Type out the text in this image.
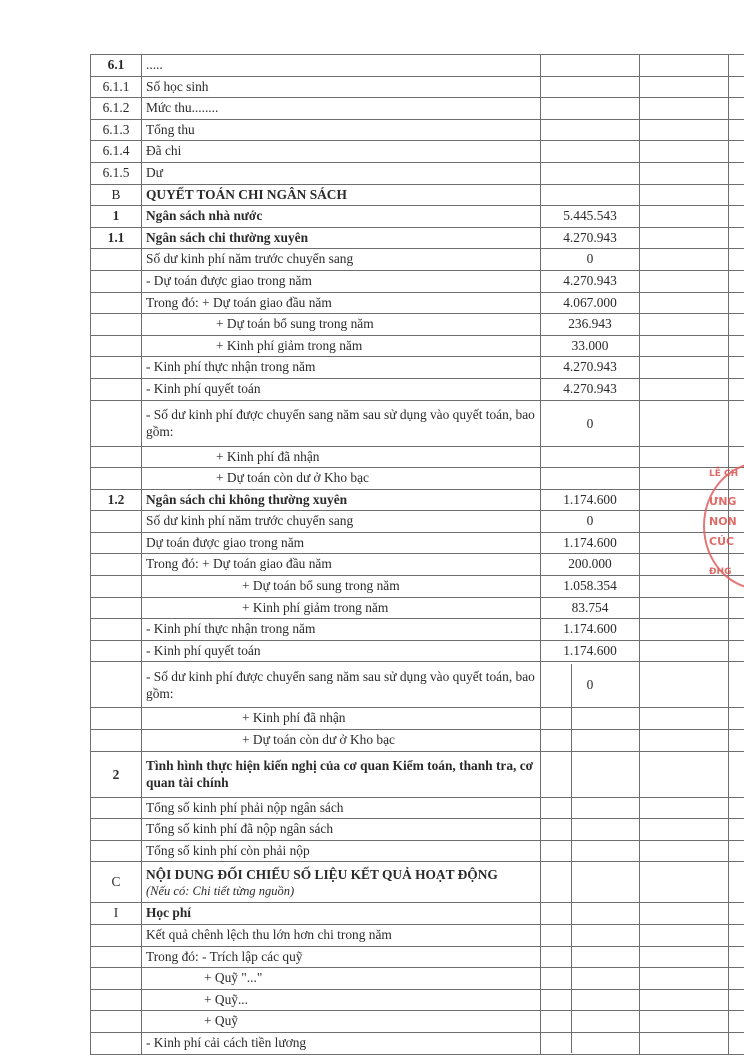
6.1	.....			
6.1.1	Số học sinh			
6.1.2	Mức thu........			
6.1.3	Tổng thu			
6.1.4	Đã chi			
6.1.5	Dư			
B	QUYẾT TOÁN CHI NGÂN SÁCH			
1	Ngân sách nhà nước	5.445.543		
1.1	Ngân sách chi thường xuyên	4.270.943		
	Số dư kinh phí năm trước chuyển sang	0		
	- Dự toán được giao trong năm	4.270.943		
	Trong đó: + Dự toán giao đầu năm	4.067.000		
	+ Dự toán bổ sung trong năm	236.943		
	+ Kinh phí giảm trong năm	33.000		
	- Kinh phí thực nhận trong năm	4.270.943		
	- Kinh phí quyết toán	4.270.943		
	- Số dư kinh phí được chuyển sang năm sau sử dụng vào quyết toán, bao gồm:	0		
	+ Kinh phí đã nhận			
	+ Dự toán còn dư ở Kho bạc			
1.2	Ngân sách chi không thường xuyên	1.174.600		
	Số dư kinh phí năm trước chuyển sang	0		
	Dự toán được giao trong năm	1.174.600		
	Trong đó: + Dự toán giao đầu năm	200.000		
	+ Dự toán bổ sung trong năm	1.058.354		
	+ Kinh phí giảm trong năm	83.754		
	- Kinh phí thực nhận trong năm	1.174.600		
	- Kinh phí quyết toán	1.174.600		
	- Số dư kinh phí được chuyển sang năm sau sử dụng vào quyết toán, bao gồm:	0		
	+ Kinh phí đã nhận			
	+ Dự toán còn dư ở Kho bạc			
2	Tình hình thực hiện kiến nghị của cơ quan Kiểm toán, thanh tra, cơ quan tài chính			
	Tổng số kinh phí phải nộp ngân sách			
	Tổng số kinh phí đã nộp ngân sách			
	Tổng số kinh phí còn phải nộp			
C	NỘI DUNG ĐỐI CHIẾU SỐ LIỆU KẾT QUẢ HOẠT ĐỘNG
(Nếu có: Chi tiết từng nguồn)			

I	Học phí			
	Kết quả chênh lệch thu lớn hơn chi trong năm			
	Trong đó: - Trích lập các quỹ			
	+ Quỹ "..."			
	+ Quỹ...			
	+ Quỹ			
	- Kinh phí cải cách tiền lương			
LỄ CH
ƯNG
NON
CÚC
ĐHG
